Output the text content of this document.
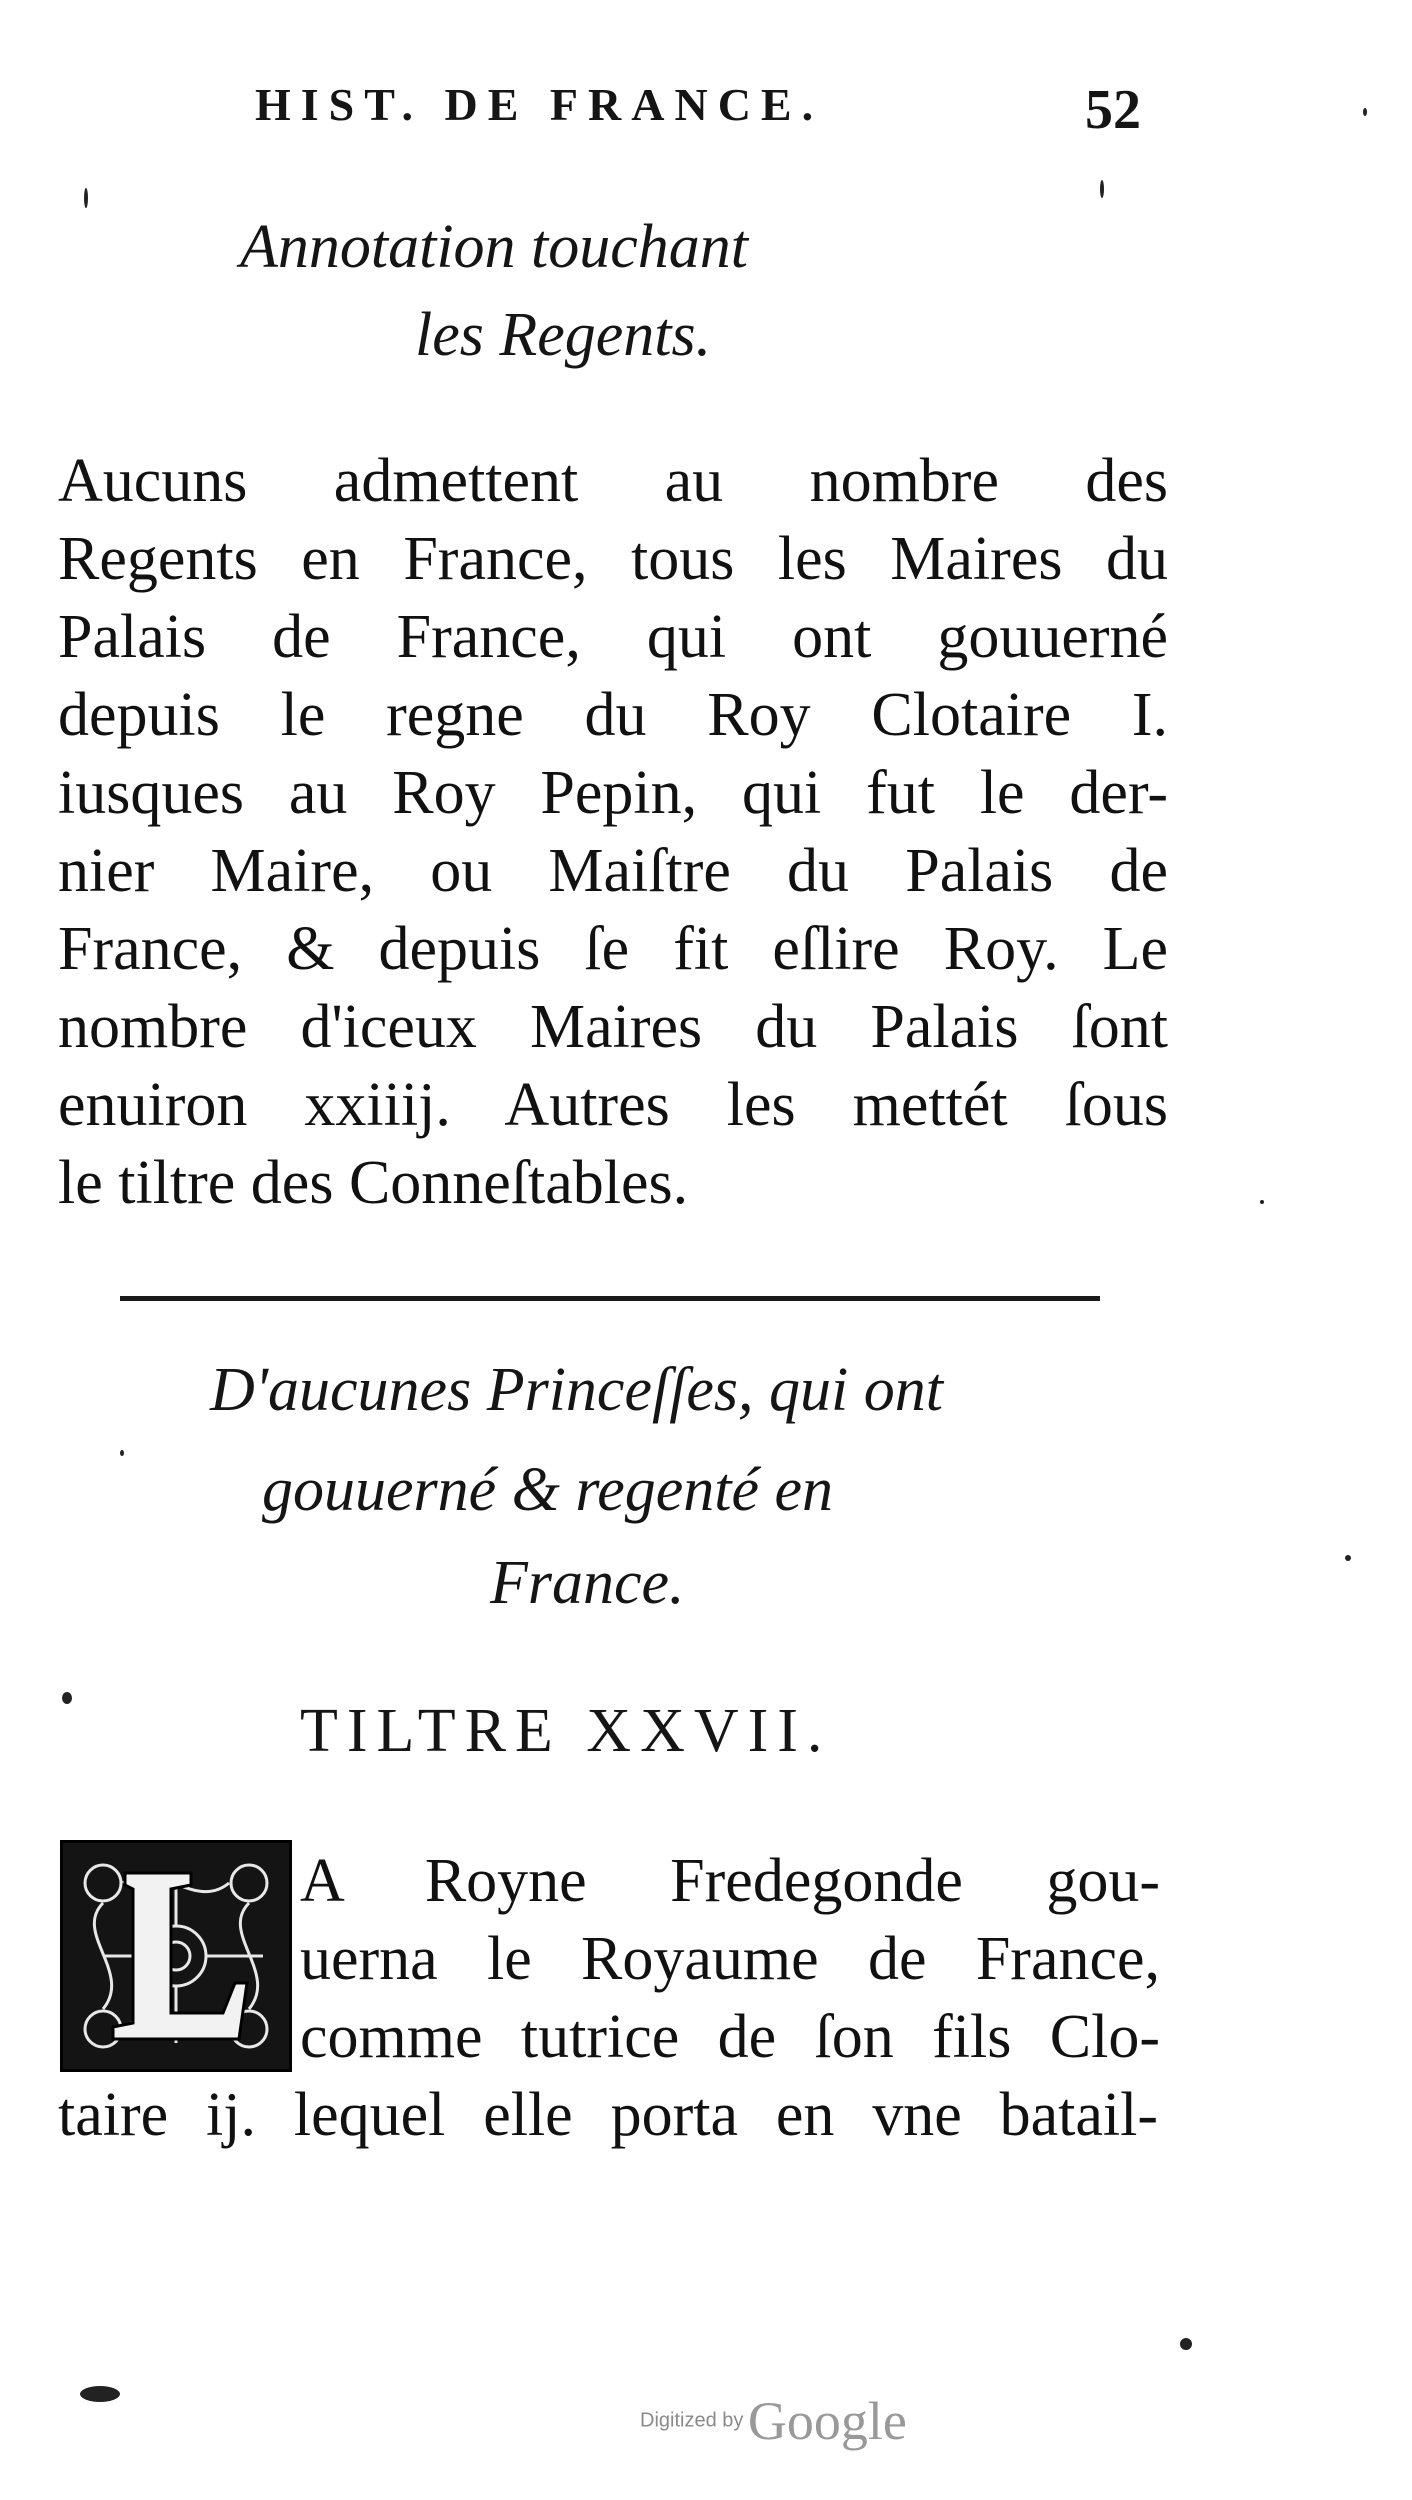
HIST. DE FRANCE.	52
Annotation touchant
les Regents.
Aucuns admettent au nombre des
Regents en France, tous les Maires du
Palais de France, qui ont gouuerné
depuis le regne du Roy Clotaire I.
iusques au Roy Pepin, qui fut le der-
nier Maire, ou Maiſtre du Palais de
France, & depuis ſe fit eſlire Roy. Le
nombre d'iceux Maires du Palais ſont
enuiron xxiiij. Autres les mettét ſous
le tiltre des Conneſtables.
D'aucunes Princeſſes, qui ont
gouuerné & regenté en
France.
TILTRE XXVII.
A Royne Fredegonde gou-
uerna le Royaume de France,
comme tutrice de ſon fils Clo-
taire ij. lequel elle porta en vne batail-
Digitized by Google
